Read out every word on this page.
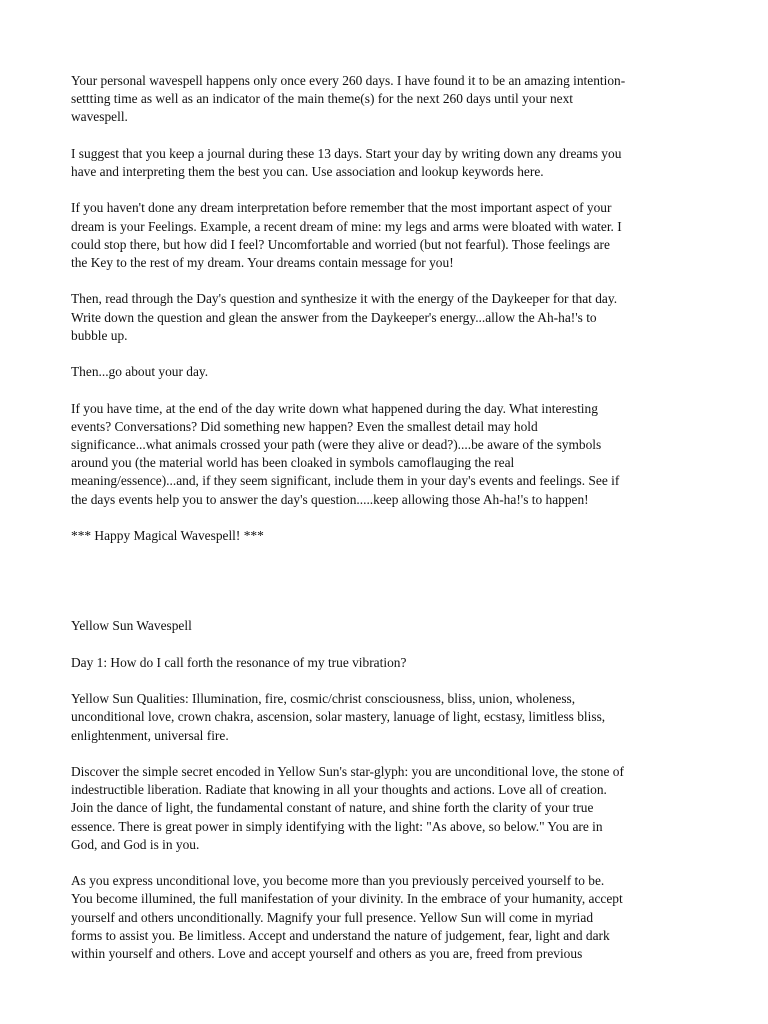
Your personal wavespell happens only once every 260 days. I have found it to be an amazing intention-
settting time as well as an indicator of the main theme(s) for the next 260 days until your next
wavespell.

I suggest that you keep a journal during these 13 days. Start your day by writing down any dreams you
have and interpreting them the best you can. Use association and lookup keywords here.

If you haven't done any dream interpretation before remember that the most important aspect of your
dream is your Feelings. Example, a recent dream of mine: my legs and arms were bloated with water. I
could stop there, but how did I feel? Uncomfortable and worried (but not fearful). Those feelings are
the Key to the rest of my dream. Your dreams contain message for you!

Then, read through the Day's question and synthesize it with the energy of the Daykeeper for that day.
Write down the question and glean the answer from the Daykeeper's energy...allow the Ah-ha!'s to
bubble up.

Then...go about your day.

If you have time, at the end of the day write down what happened during the day. What interesting
events? Conversations? Did something new happen? Even the smallest detail may hold
significance...what animals crossed your path (were they alive or dead?)....be aware of the symbols
around you (the material world has been cloaked in symbols camoflauging the real
meaning/essence)...and, if they seem significant, include them in your day's events and feelings. See if
the days events help you to answer the day's question.....keep allowing those Ah-ha!'s to happen!

*** Happy Magical Wavespell! ***

Yellow Sun Wavespell

Day 1: How do I call forth the resonance of my true vibration?

Yellow Sun Qualities: Illumination, fire, cosmic/christ consciousness, bliss, union, wholeness,
unconditional love, crown chakra, ascension, solar mastery, lanuage of light, ecstasy, limitless bliss,
enlightenment, universal fire.

Discover the simple secret encoded in Yellow Sun's star-glyph: you are unconditional love, the stone of
indestructible liberation. Radiate that knowing in all your thoughts and actions. Love all of creation.
Join the dance of light, the fundamental constant of nature, and shine forth the clarity of your true
essence. There is great power in simply identifying with the light: "As above, so below." You are in
God, and God is in you.

As you express unconditional love, you become more than you previously perceived yourself to be.
You become illumined, the full manifestation of your divinity. In the embrace of your humanity, accept
yourself and others unconditionally. Magnify your full presence. Yellow Sun will come in myriad
forms to assist you. Be limitless. Accept and understand the nature of judgement, fear, light and dark
within yourself and others. Love and accept yourself and others as you are, freed from previous
